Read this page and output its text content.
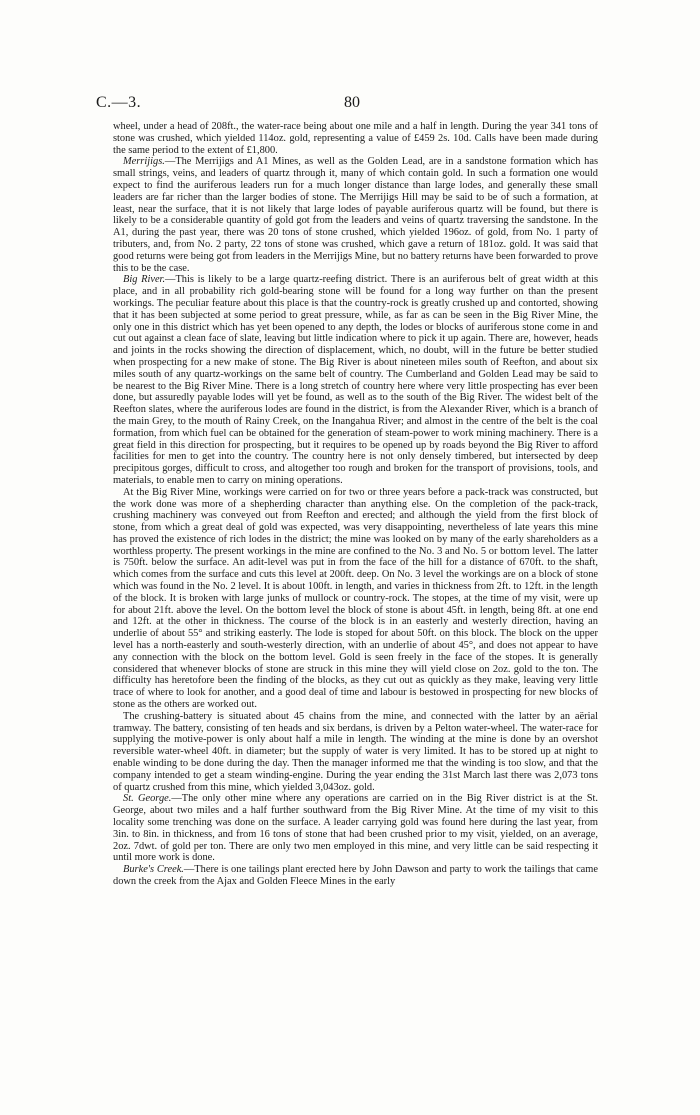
C.—3.	80

wheel, under a head of 208ft., the water-race being about one mile and a half in length. During the year 341 tons of stone was crushed, which yielded 114oz. gold, representing a value of £459 2s. 10d. Calls have been made during the same period to the extent of £1,800.

Merrijigs.—The Merrijigs and A1 Mines, as well as the Golden Lead, are in a sandstone formation which has small strings, veins, and leaders of quartz through it, many of which contain gold. In such a formation one would expect to find the auriferous leaders run for a much longer distance than large lodes, and generally these small leaders are far richer than the larger bodies of stone. The Merrijigs Hill may be said to be of such a formation, at least, near the surface, that it is not likely that large lodes of payable auriferous quartz will be found, but there is likely to be a considerable quantity of gold got from the leaders and veins of quartz traversing the sandstone. In the A1, during the past year, there was 20 tons of stone crushed, which yielded 196oz. of gold, from No. 1 party of tributers, and, from No. 2 party, 22 tons of stone was crushed, which gave a return of 181oz. gold. It was said that good returns were being got from leaders in the Merrijigs Mine, but no battery returns have been forwarded to prove this to be the case.

Big River.—This is likely to be a large quartz-reefing district. There is an auriferous belt of great width at this place, and in all probability rich gold-bearing stone will be found for a long way further on than the present workings. The peculiar feature about this place is that the country-rock is greatly crushed up and contorted, showing that it has been subjected at some period to great pressure, while, as far as can be seen in the Big River Mine, the only one in this district which has yet been opened to any depth, the lodes or blocks of auriferous stone come in and cut out against a clean face of slate, leaving but little indication where to pick it up again. There are, however, heads and joints in the rocks showing the direction of displacement, which, no doubt, will in the future be better studied when prospecting for a new make of stone. The Big River is about nineteen miles south of Reefton, and about six miles south of any quartz-workings on the same belt of country. The Cumberland and Golden Lead may be said to be nearest to the Big River Mine. There is a long stretch of country here where very little prospecting has ever been done, but assuredly payable lodes will yet be found, as well as to the south of the Big River. The widest belt of the Reefton slates, where the auriferous lodes are found in the district, is from the Alexander River, which is a branch of the main Grey, to the mouth of Rainy Creek, on the Inangahua River; and almost in the centre of the belt is the coal formation, from which fuel can be obtained for the generation of steam-power to work mining machinery. There is a great field in this direction for prospecting, but it requires to be opened up by roads beyond the Big River to afford facilities for men to get into the country. The country here is not only densely timbered, but intersected by deep precipitous gorges, difficult to cross, and altogether too rough and broken for the transport of provisions, tools, and materials, to enable men to carry on mining operations.

At the Big River Mine, workings were carried on for two or three years before a pack-track was constructed, but the work done was more of a shepherding character than anything else. On the completion of the pack-track, crushing machinery was conveyed out from Reefton and erected; and although the yield from the first block of stone, from which a great deal of gold was expected, was very disappointing, nevertheless of late years this mine has proved the existence of rich lodes in the district; the mine was looked on by many of the early shareholders as a worthless property. The present workings in the mine are confined to the No. 3 and No. 5 or bottom level. The latter is 750ft. below the surface. An adit-level was put in from the face of the hill for a distance of 670ft. to the shaft, which comes from the surface and cuts this level at 200ft. deep. On No. 3 level the workings are on a block of stone which was found in the No. 2 level. It is about 100ft. in length, and varies in thickness from 2ft. to 12ft. in the length of the block. It is broken with large junks of mullock or country-rock. The stopes, at the time of my visit, were up for about 21ft. above the level. On the bottom level the block of stone is about 45ft. in length, being 8ft. at one end and 12ft. at the other in thickness. The course of the block is in an easterly and westerly direction, having an underlie of about 55° and striking easterly. The lode is stoped for about 50ft. on this block. The block on the upper level has a north-easterly and south-westerly direction, with an underlie of about 45°, and does not appear to have any connection with the block on the bottom level. Gold is seen freely in the face of the stopes. It is generally considered that whenever blocks of stone are struck in this mine they will yield close on 2oz. gold to the ton. The difficulty has heretofore been the finding of the blocks, as they cut out as quickly as they make, leaving very little trace of where to look for another, and a good deal of time and labour is bestowed in prospecting for new blocks of stone as the others are worked out.

The crushing-battery is situated about 45 chains from the mine, and connected with the latter by an aërial tramway. The battery, consisting of ten heads and six berdans, is driven by a Pelton water-wheel. The water-race for supplying the motive-power is only about half a mile in length. The winding at the mine is done by an overshot reversible water-wheel 40ft. in diameter; but the supply of water is very limited. It has to be stored up at night to enable winding to be done during the day. Then the manager informed me that the winding is too slow, and that the company intended to get a steam winding-engine. During the year ending the 31st March last there was 2,073 tons of quartz crushed from this mine, which yielded 3,043oz. gold.

St. George.—The only other mine where any operations are carried on in the Big River district is at the St. George, about two miles and a half further southward from the Big River Mine. At the time of my visit to this locality some trenching was done on the surface. A leader carrying gold was found here during the last year, from 3in. to 8in. in thickness, and from 16 tons of stone that had been crushed prior to my visit, yielded, on an average, 2oz. 7dwt. of gold per ton. There are only two men employed in this mine, and very little can be said respecting it until more work is done.

Burke's Creek.—There is one tailings plant erected here by John Dawson and party to work the tailings that came down the creek from the Ajax and Golden Fleece Mines in the early
